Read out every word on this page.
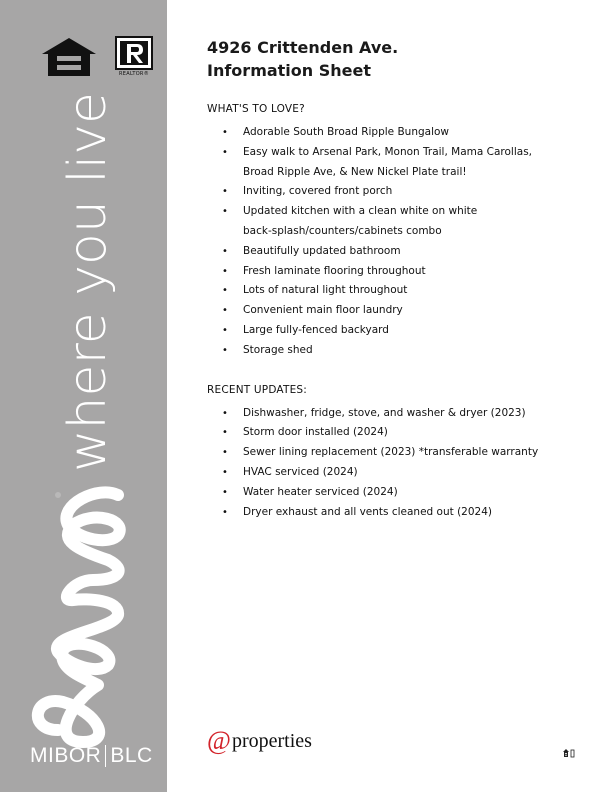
REALTOR®
where you live
MIBOR BLC
4926 Crittenden Ave.
Information Sheet

WHAT'S TO LOVE?

• Adorable South Broad Ripple Bungalow
• Easy walk to Arsenal Park, Monon Trail, Mama Carollas,
Broad Ripple Ave, & New Nickel Plate trail!
• Inviting, covered front porch
• Updated kitchen with a clean white on white
back-splash/counters/cabinets combo
• Beautifully updated bathroom
• Fresh laminate flooring throughout
• Lots of natural light throughout
• Convenient main floor laundry
• Large fully-fenced backyard
• Storage shed

RECENT UPDATES:

• Dishwasher, fridge, stove, and washer & dryer (2023)
• Storm door installed (2024)
• Sewer lining replacement (2023) *transferable warranty
• HVAC serviced (2024)
• Water heater serviced (2024)
• Dryer exhaust and all vents cleaned out (2024)
@ properties
